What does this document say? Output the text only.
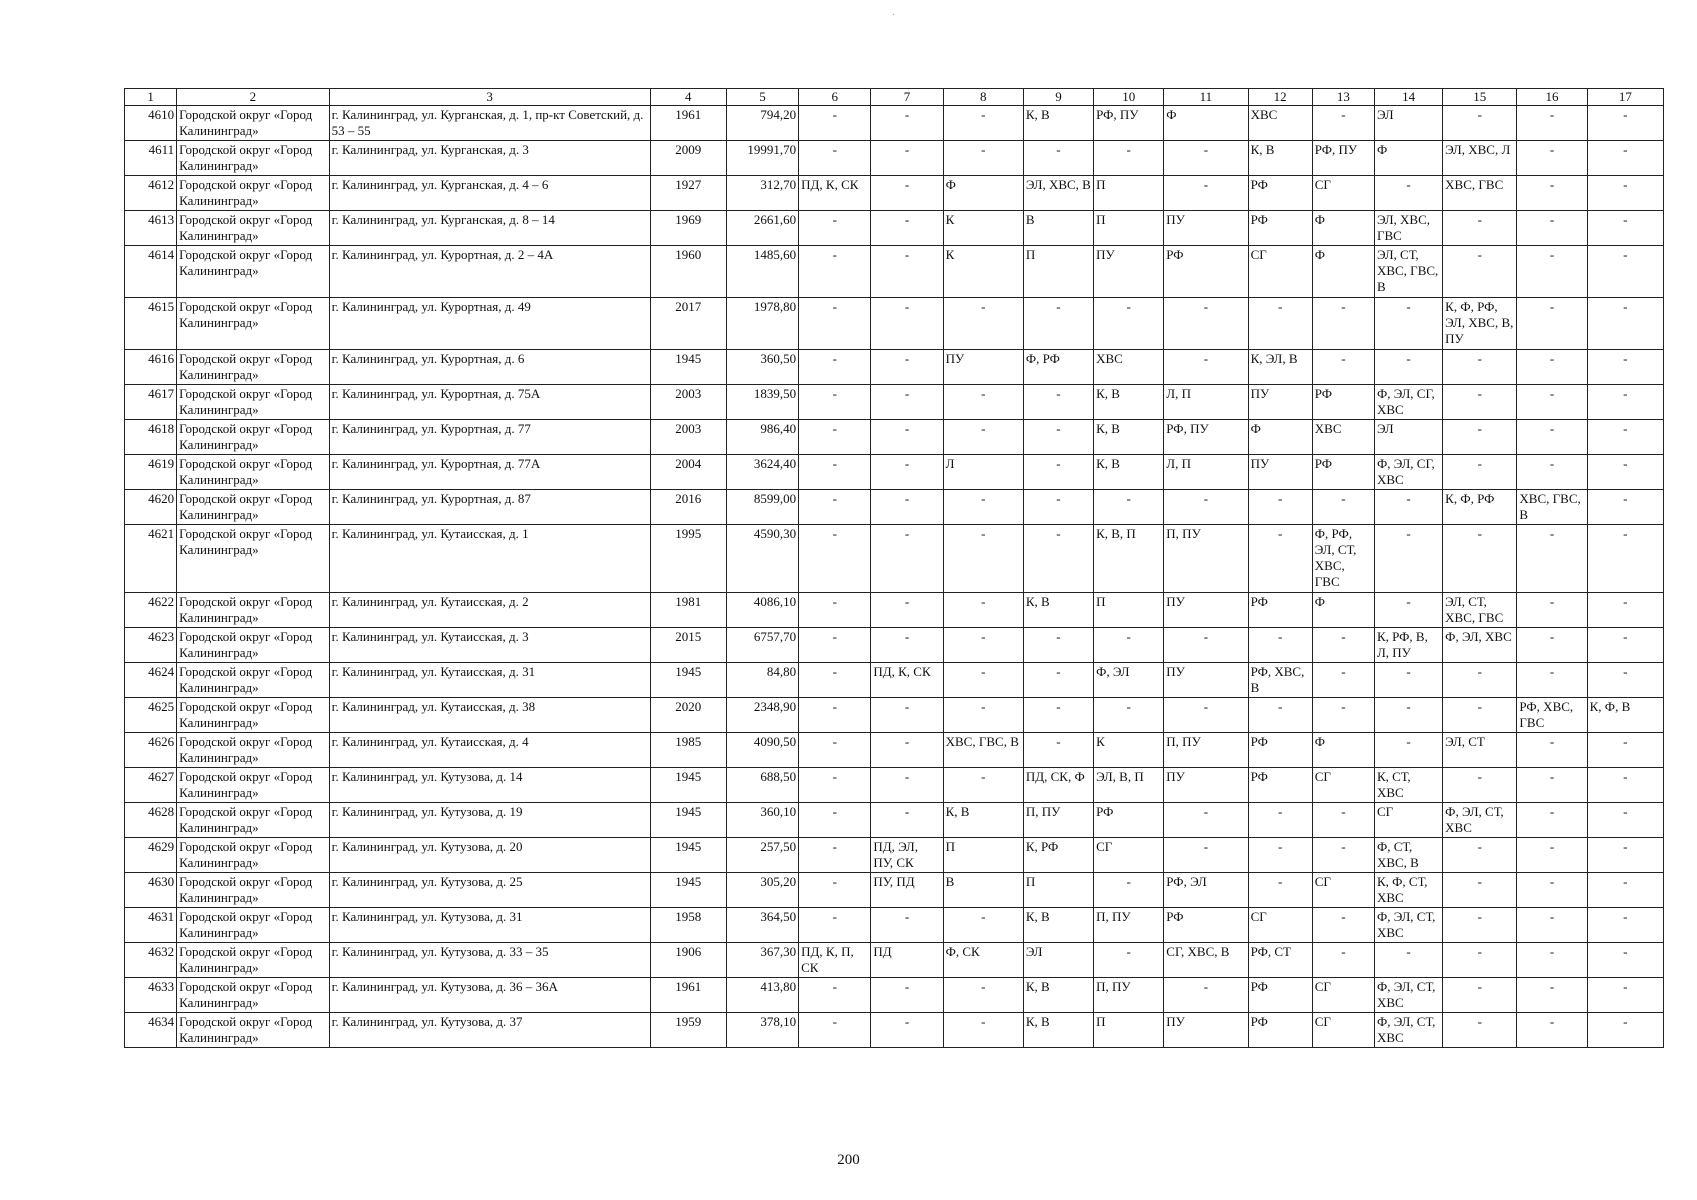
·
1	2	3	4	5	6	7	8	9	10	11	12	13	14	15	16	17
4610	Городской округ «Город Калининград»	г. Калининград, ул. Курганская, д. 1, пр-кт Советский, д. 53 – 55	1961	794,20	-	-	-	К, В	РФ, ПУ	Ф	ХВС	-	ЭЛ	-	-	-
4611	Городской округ «Город Калининград»	г. Калининград, ул. Курганская, д. 3	2009	19991,70	-	-	-	-	-	-	К, В	РФ, ПУ	Ф	ЭЛ, ХВС, Л	-	-
4612	Городской округ «Город Калининград»	г. Калининград, ул. Курганская, д. 4 – 6	1927	312,70	ПД, К, СК	-	Ф	ЭЛ, ХВС, В	П	-	РФ	СГ	-	ХВС, ГВС	-	-
4613	Городской округ «Город Калининград»	г. Калининград, ул. Курганская, д. 8 – 14	1969	2661,60	-	-	К	В	П	ПУ	РФ	Ф	ЭЛ, ХВС, ГВС	-	-	-
4614	Городской округ «Город Калининград»	г. Калининград, ул. Курортная, д. 2 – 4А	1960	1485,60	-	-	К	П	ПУ	РФ	СГ	Ф	ЭЛ, СТ, ХВС, ГВС, В	-	-	-
4615	Городской округ «Город Калининград»	г. Калининград, ул. Курортная, д. 49	2017	1978,80	-	-	-	-	-	-	-	-	-	К, Ф, РФ, ЭЛ, ХВС, В, ПУ	-	-
4616	Городской округ «Город Калининград»	г. Калининград, ул. Курортная, д. 6	1945	360,50	-	-	ПУ	Ф, РФ	ХВС	-	К, ЭЛ, В	-	-	-	-	-
4617	Городской округ «Город Калининград»	г. Калининград, ул. Курортная, д. 75А	2003	1839,50	-	-	-	-	К, В	Л, П	ПУ	РФ	Ф, ЭЛ, СГ, ХВС	-	-	-
4618	Городской округ «Город Калининград»	г. Калининград, ул. Курортная, д. 77	2003	986,40	-	-	-	-	К, В	РФ, ПУ	Ф	ХВС	ЭЛ	-	-	-
4619	Городской округ «Город Калининград»	г. Калининград, ул. Курортная, д. 77А	2004	3624,40	-	-	Л	-	К, В	Л, П	ПУ	РФ	Ф, ЭЛ, СГ, ХВС	-	-	-
4620	Городской округ «Город Калининград»	г. Калининград, ул. Курортная, д. 87	2016	8599,00	-	-	-	-	-	-	-	-	-	К, Ф, РФ	ХВС, ГВС, В	-
4621	Городской округ «Город Калининград»	г. Калининград, ул. Кутаисская, д. 1	1995	4590,30	-	-	-	-	К, В, П	П, ПУ	-	Ф, РФ, ЭЛ, СТ, ХВС, ГВС	-	-	-	-
4622	Городской округ «Город Калининград»	г. Калининград, ул. Кутаисская, д. 2	1981	4086,10	-	-	-	К, В	П	ПУ	РФ	Ф	-	ЭЛ, СТ, ХВС, ГВС	-	-
4623	Городской округ «Город Калининград»	г. Калининград, ул. Кутаисская, д. 3	2015	6757,70	-	-	-	-	-	-	-	-	К, РФ, В, Л, ПУ	Ф, ЭЛ, ХВС	-	-
4624	Городской округ «Город Калининград»	г. Калининград, ул. Кутаисская, д. 31	1945	84,80	-	ПД, К, СК	-	-	Ф, ЭЛ	ПУ	РФ, ХВС, В	-	-	-	-	-
4625	Городской округ «Город Калининград»	г. Калининград, ул. Кутаисская, д. 38	2020	2348,90	-	-	-	-	-	-	-	-	-	-	РФ, ХВС, ГВС	К, Ф, В
4626	Городской округ «Город Калининград»	г. Калининград, ул. Кутаисская, д. 4	1985	4090,50	-	-	ХВС, ГВС, В	-	К	П, ПУ	РФ	Ф	-	ЭЛ, СТ	-	-
4627	Городской округ «Город Калининград»	г. Калининград, ул. Кутузова, д. 14	1945	688,50	-	-	-	ПД, СК, Ф	ЭЛ, В, П	ПУ	РФ	СГ	К, СТ, ХВС	-	-	-
4628	Городской округ «Город Калининград»	г. Калининград, ул. Кутузова, д. 19	1945	360,10	-	-	К, В	П, ПУ	РФ	-	-	-	СГ	Ф, ЭЛ, СТ, ХВС	-	-
4629	Городской округ «Город Калининград»	г. Калининград, ул. Кутузова, д. 20	1945	257,50	-	ПД, ЭЛ, ПУ, СК	П	К, РФ	СГ	-	-	-	Ф, СТ, ХВС, В	-	-	-
4630	Городской округ «Город Калининград»	г. Калининград, ул. Кутузова, д. 25	1945	305,20	-	ПУ, ПД	В	П	-	РФ, ЭЛ	-	СГ	К, Ф, СТ, ХВС	-	-	-
4631	Городской округ «Город Калининград»	г. Калининград, ул. Кутузова, д. 31	1958	364,50	-	-	-	К, В	П, ПУ	РФ	СГ	-	Ф, ЭЛ, СТ, ХВС	-	-	-
4632	Городской округ «Город Калининград»	г. Калининград, ул. Кутузова, д. 33 – 35	1906	367,30	ПД, К, П, СК	ПД	Ф, СК	ЭЛ	-	СГ, ХВС, В	РФ, СТ	-	-	-	-	-
4633	Городской округ «Город Калининград»	г. Калининград, ул. Кутузова, д. 36 – 36А	1961	413,80	-	-	-	К, В	П, ПУ	-	РФ	СГ	Ф, ЭЛ, СТ, ХВС	-	-	-
4634	Городской округ «Город Калининград»	г. Калининград, ул. Кутузова, д. 37	1959	378,10	-	-	-	К, В	П	ПУ	РФ	СГ	Ф, ЭЛ, СТ, ХВС	-	-	-
200
